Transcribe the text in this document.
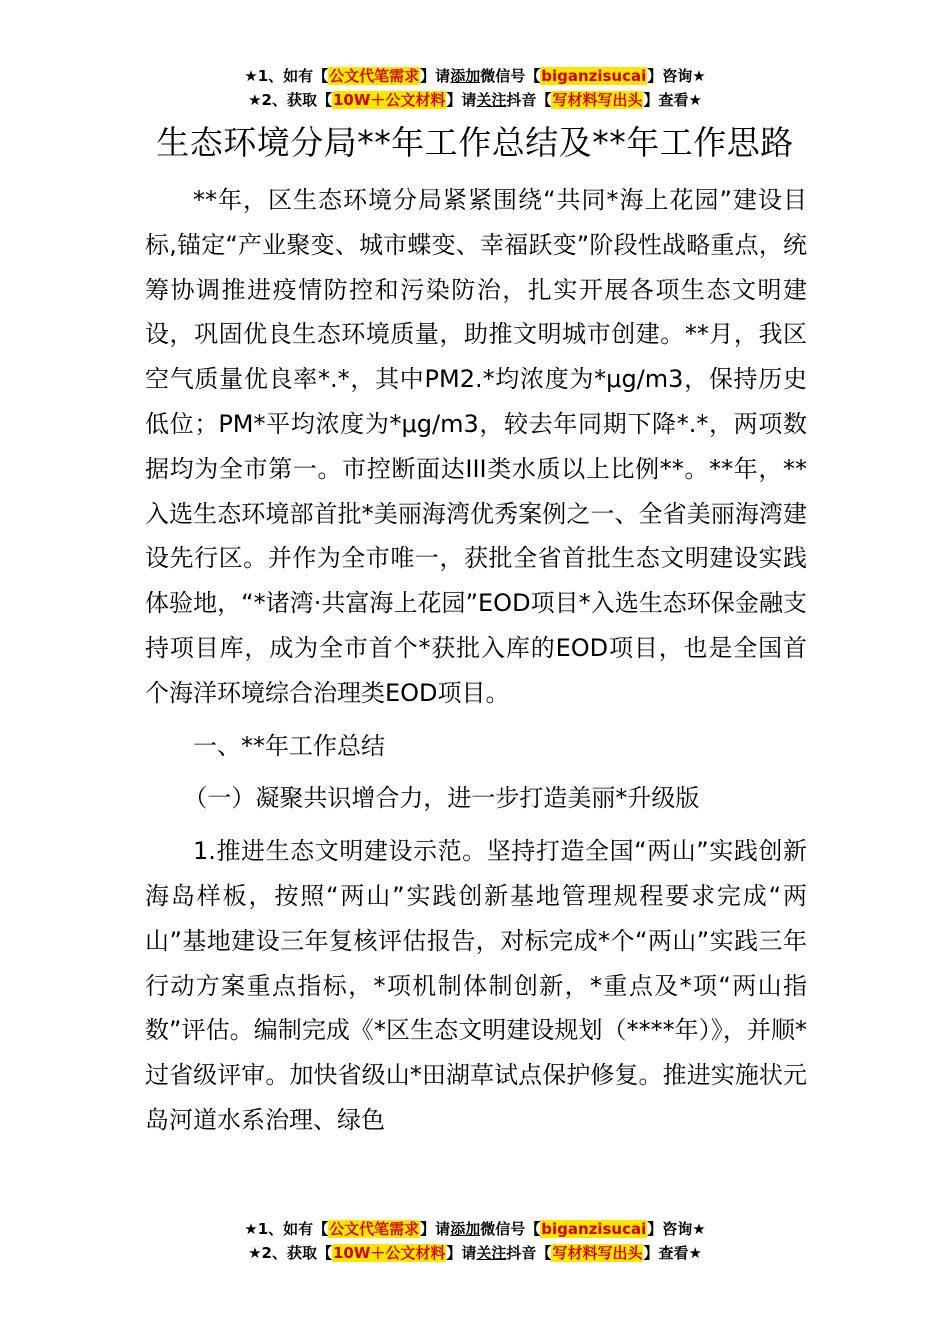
★1、如有【公文代笔需求】请添加微信号【biganzisucai】咨询★
★2、获取【10W＋公文材料】请关注抖音【写材料写出头】查看★
生态环境分局**年工作总结及**年工作思路

**年，区生态环境分局紧紧围绕“共同*海上花园”建设目标,锚定“产业聚变、城市蝶变、幸福跃变”阶段性战略重点，统筹协调推进疫情防控和污染防治，扎实开展各项生态文明建设，巩固优良生态环境质量，助推文明城市创建。**月，我区空气质量优良率*.*，其中PM2.*均浓度为*μg/m3，保持历史低位；PM*平均浓度为*μg/m3，较去年同期下降*.*，两项数据均为全市第一。市控断面达III类水质以上比例**。**年，**入选生态环境部首批*美丽海湾优秀案例之一、全省美丽海湾建设先行区。并作为全市唯一，获批全省首批生态文明建设实践体验地，“*诸湾·共富海上花园”EOD项目*入选生态环保金融支持项目库，成为全市首个*获批入库的EOD项目，也是全国首个海洋环境综合治理类EOD项目。

一、**年工作总结

（一）凝聚共识增合力，进一步打造美丽*升级版

1.推进生态文明建设示范。坚持打造全国“两山”实践创新海岛样板，按照“两山”实践创新基地管理规程要求完成“两山”基地建设三年复核评估报告，对标完成*个“两山”实践三年行动方案重点指标，*项机制体制创新，*重点及*项“两山指数”评估。编制完成《*区生态文明建设规划（****年）》，并顺*过省级评审。加快省级山*田湖草试点保护修复。推进实施状元岛河道水系治理、绿色

★1、如有【公文代笔需求】请添加微信号【biganzisucai】咨询★
★2、获取【10W＋公文材料】请关注抖音【写材料写出头】查看★
